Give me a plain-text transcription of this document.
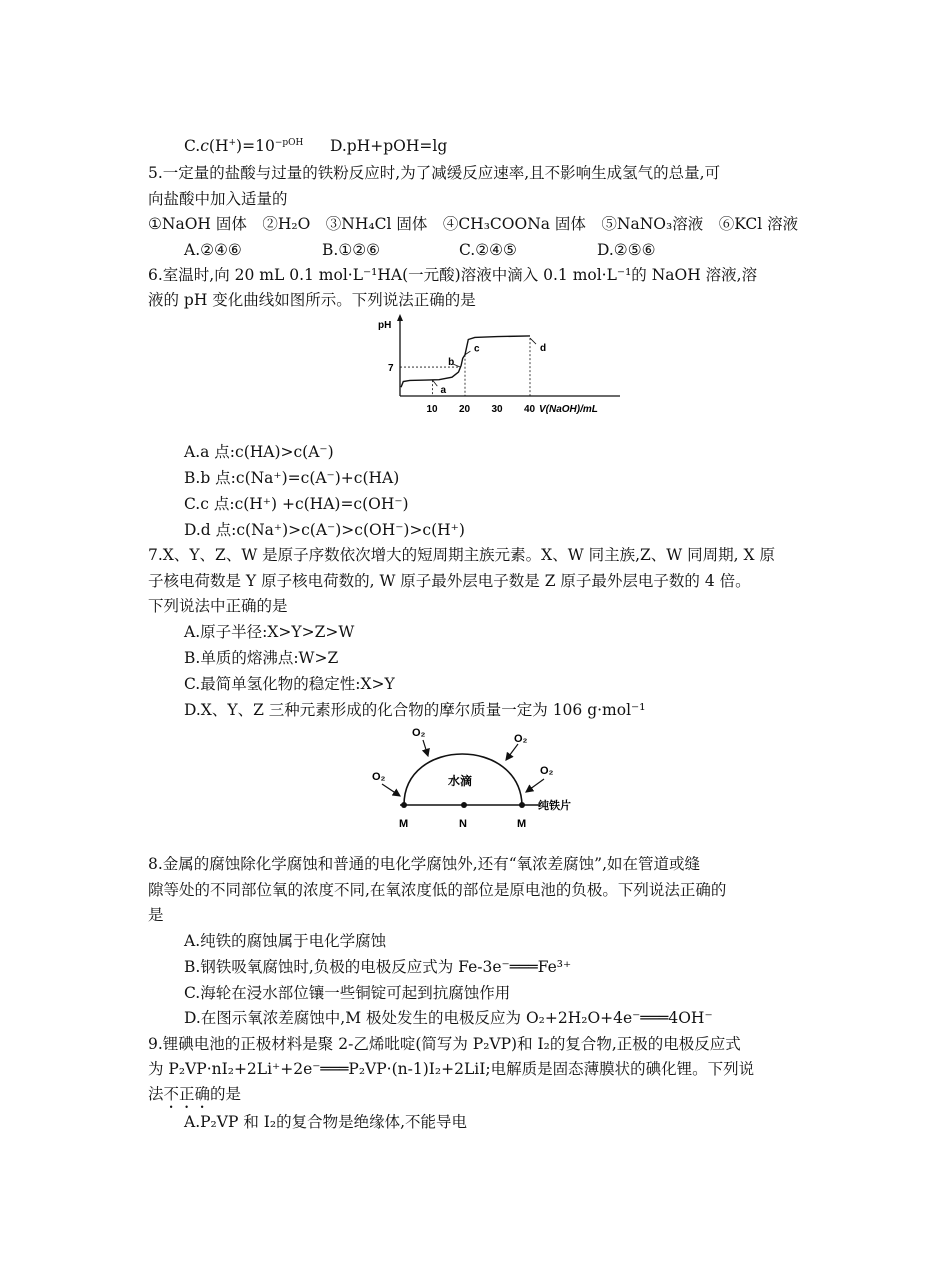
$C.c(H^+)=10^{-pOH}$ D.pH+pOH=lg
5.一定量的盐酸与过量的铁粉反应时,为了减缓反应速率,且不影响生成氢气的总量,可
向盐酸中加入适量的
①NaOH 固体　②H₂O　③NH₄Cl 固体　④CH₃COONa 固体　⑤NaNO₃溶液　⑥KCl 溶液
A.②④⑥	B.①②⑥	C.②④⑤	D.②⑤⑥
6.室温时,向 20 mL 0.1 mol·L⁻¹HA(一元酸)溶液中滴入 0.1 mol·L⁻¹的 NaOH 溶液,溶
液的 pH 变化曲线如图所示。下列说法正确的是
pH
7
10 20 30 40 V(NaOH)/mL
a
b
c	d
A.a 点:c(HA)>c(A⁻)
B.b 点:c(Na⁺)=c(A⁻)+c(HA)
C.c 点:c(H⁺) +c(HA)=c(OH⁻)
D.d 点:c(Na⁺)>c(A⁻)>c(OH⁻)>c(H⁺)
7.X、Y、Z、W 是原子序数依次增大的短周期主族元素。X、W 同主族,Z、W 同周期, X 原
子核电荷数是 Y 原子核电荷数的, W 原子最外层电子数是 Z 原子最外层电子数的 4 倍。
下列说法中正确的是
A.原子半径:X>Y>Z>W
B.单质的熔沸点:W>Z
C.最简单氢化物的稳定性:X>Y
D.X、Y、Z 三种元素形成的化合物的摩尔质量一定为 106 g·mol⁻¹
O₂
O₂	O₂
O₂
水滴
纯铁片
M	N	M
8.金属的腐蚀除化学腐蚀和普通的电化学腐蚀外,还有“氧浓差腐蚀”,如在管道或缝
隙等处的不同部位氧的浓度不同,在氧浓度低的部位是原电池的负极。下列说法正确的
是
A.纯铁的腐蚀属于电化学腐蚀
B.钢铁吸氧腐蚀时,负极的电极反应式为 Fe-3e⁻═══Fe³⁺
C.海轮在浸水部位镶一些铜锭可起到抗腐蚀作用
D.在图示氧浓差腐蚀中,M 极处发生的电极反应为 O₂+2H₂O+4e⁻═══4OH⁻
9.锂碘电池的正极材料是聚 2-乙烯吡啶(简写为 P₂VP)和 I₂的复合物,正极的电极反应式
为 P₂VP·nI₂+2Li⁺+2e⁻═══P₂VP·(n-1)I₂+2LiI;电解质是固态薄膜状的碘化锂。下列说
法不正确的是
A.P₂VP 和 I₂的复合物是绝缘体,不能导电
